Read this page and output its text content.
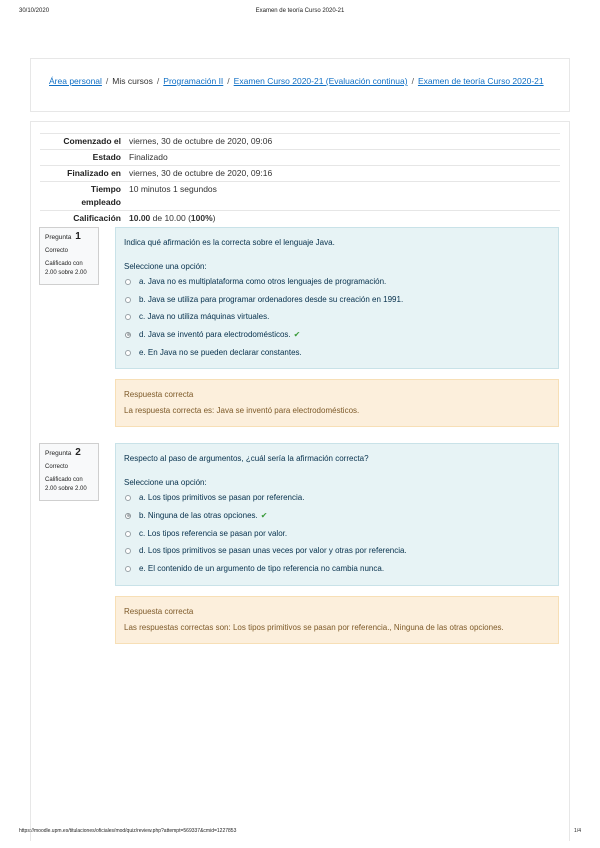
30/10/2020	Examen de teoría Curso 2020-21
Área personal / Mis cursos / Programación II / Examen Curso 2020-21 (Evaluación continua) / Examen de teoría Curso 2020-21
Comenzado el	viernes, 30 de octubre de 2020, 09:06
Estado	Finalizado
Finalizado en	viernes, 30 de octubre de 2020, 09:16
Tiempo
empleado	10 minutos 1 segundos
Calificación	10.00 de 10.00 (100%)
Pregunta 1
Correcto
Calificado con 2.00 sobre 2.00
Indica qué afirmación es la correcta sobre el lenguaje Java.
Seleccione una opción:
a. Java no es multiplataforma como otros lenguajes de programación.
b. Java se utiliza para programar ordenadores desde su creación en 1991.
c. Java no utiliza máquinas virtuales.
d. Java se inventó para electrodomésticos. ✔
e. En Java no se pueden declarar constantes.
Respuesta correcta
La respuesta correcta es: Java se inventó para electrodomésticos.
Pregunta 2
Correcto
Calificado con 2.00 sobre 2.00
Respecto al paso de argumentos, ¿cuál sería la afirmación correcta?
Seleccione una opción:
a. Los tipos primitivos se pasan por referencia.
b. Ninguna de las otras opciones. ✔
c. Los tipos referencia se pasan por valor.
d. Los tipos primitivos se pasan unas veces por valor y otras por referencia.
e. El contenido de un argumento de tipo referencia no cambia nunca.
Respuesta correcta
Las respuestas correctas son: Los tipos primitivos se pasan por referencia., Ninguna de las otras opciones.
https://moodle.upm.es/titulaciones/oficiales/mod/quiz/review.php?attempt=569337&cmid=1227853	1/4
